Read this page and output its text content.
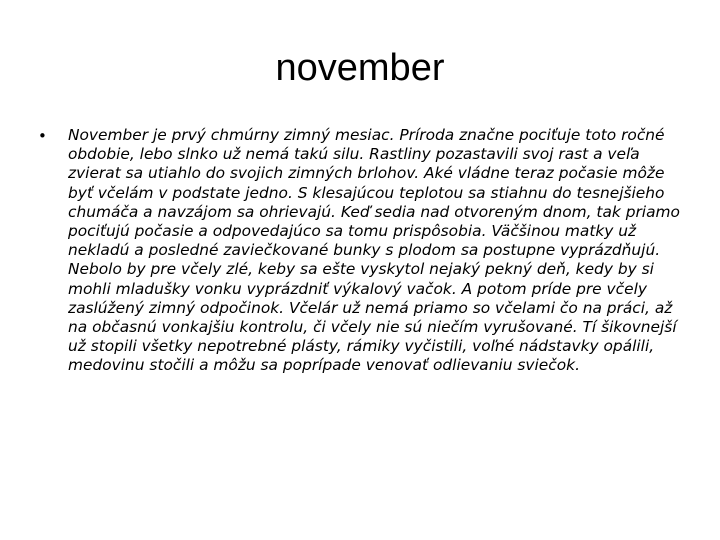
november
• November je prvý chmúrny zimný mesiac. Príroda značne pociťuje toto ročné obdobie, lebo slnko už nemá takú silu. Rastliny pozastavili svoj rast a veľa zvierat sa utiahlo do svojich zimných brlohov. Aké vládne teraz počasie môže byť včelám v podstate jedno. S klesajúcou teplotou sa stiahnu do tesnejšieho chumáča a navzájom sa ohrievajú. Keď sedia nad otvoreným dnom, tak priamo pociťujú počasie a odpovedajúco sa tomu prispôsobia. Väčšinou matky už nekladú a posledné zaviečkované bunky s plodom sa postupne vyprázdňujú. Nebolo by pre včely zlé, keby sa ešte vyskytol nejaký pekný deň, kedy by si mohli mladušky vonku vyprázdniť výkalový vačok. A potom príde pre včely zaslúžený zimný odpočinok. Včelár už nemá priamo so včelami čo na práci, až na občasnú vonkajšiu kontrolu, či včely nie sú niečím vyrušované. Tí šikovnejší už stopili všetky nepotrebné plásty, rámiky vyčistili, voľné nádstavky opálili, medovinu stočili a môžu sa poprípade venovať odlievaniu sviečok.
